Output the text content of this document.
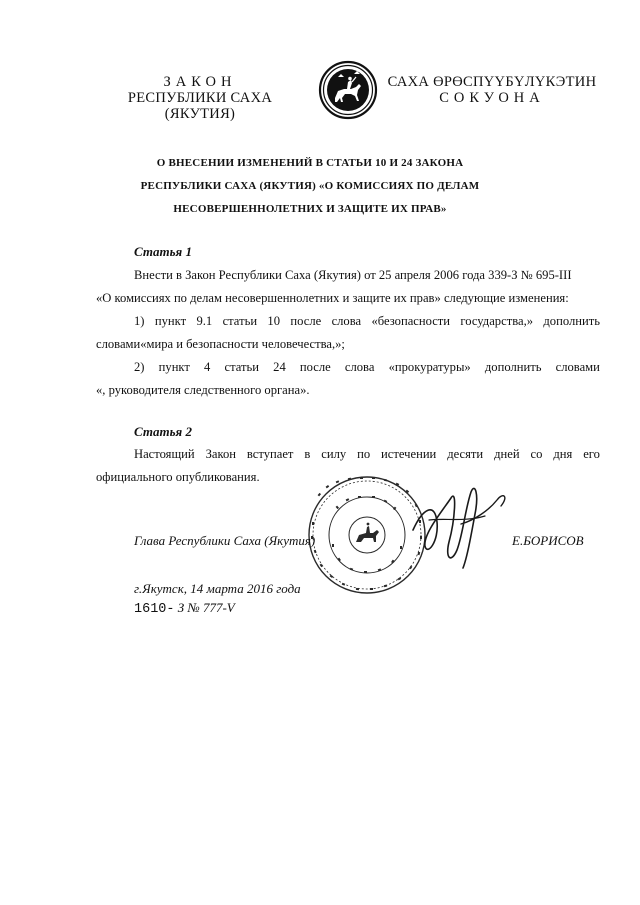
ЗАКОН
РЕСПУБЛИКИ САХА (ЯКУТИЯ)
САХА ӨРӨСПҮҮБҮЛҮКЭТИН
СОКУОНА
О ВНЕСЕНИИ ИЗМЕНЕНИЙ В СТАТЬИ 10 И 24 ЗАКОНА
РЕСПУБЛИКИ САХА (ЯКУТИЯ) «О КОМИССИЯХ ПО ДЕЛАМ
НЕСОВЕРШЕННОЛЕТНИХ И ЗАЩИТЕ ИХ ПРАВ»
Статья 1
Внести в Закон Республики Саха (Якутия) от 25 апреля 2006 года 339-З № 695-III
«О комиссиях по делам несовершеннолетних и защите их прав» следующие изменения:
1) пункт 9.1 статьи 10 после слова «безопасности государства,» дополнить
словами«мира и безопасности человечества,»;
2) пункт 4 статьи 24 после слова «прокуратуры» дополнить словами
«, руководителя следственного органа».
Статья 2
Настоящий Закон вступает в силу по истечении десяти дней со дня его
официального опубликования.
Глава Республики Саха (Якутия)	Е.БОРИСОВ
г.Якутск, 14 марта 2016 года
1610- З № 777-V
